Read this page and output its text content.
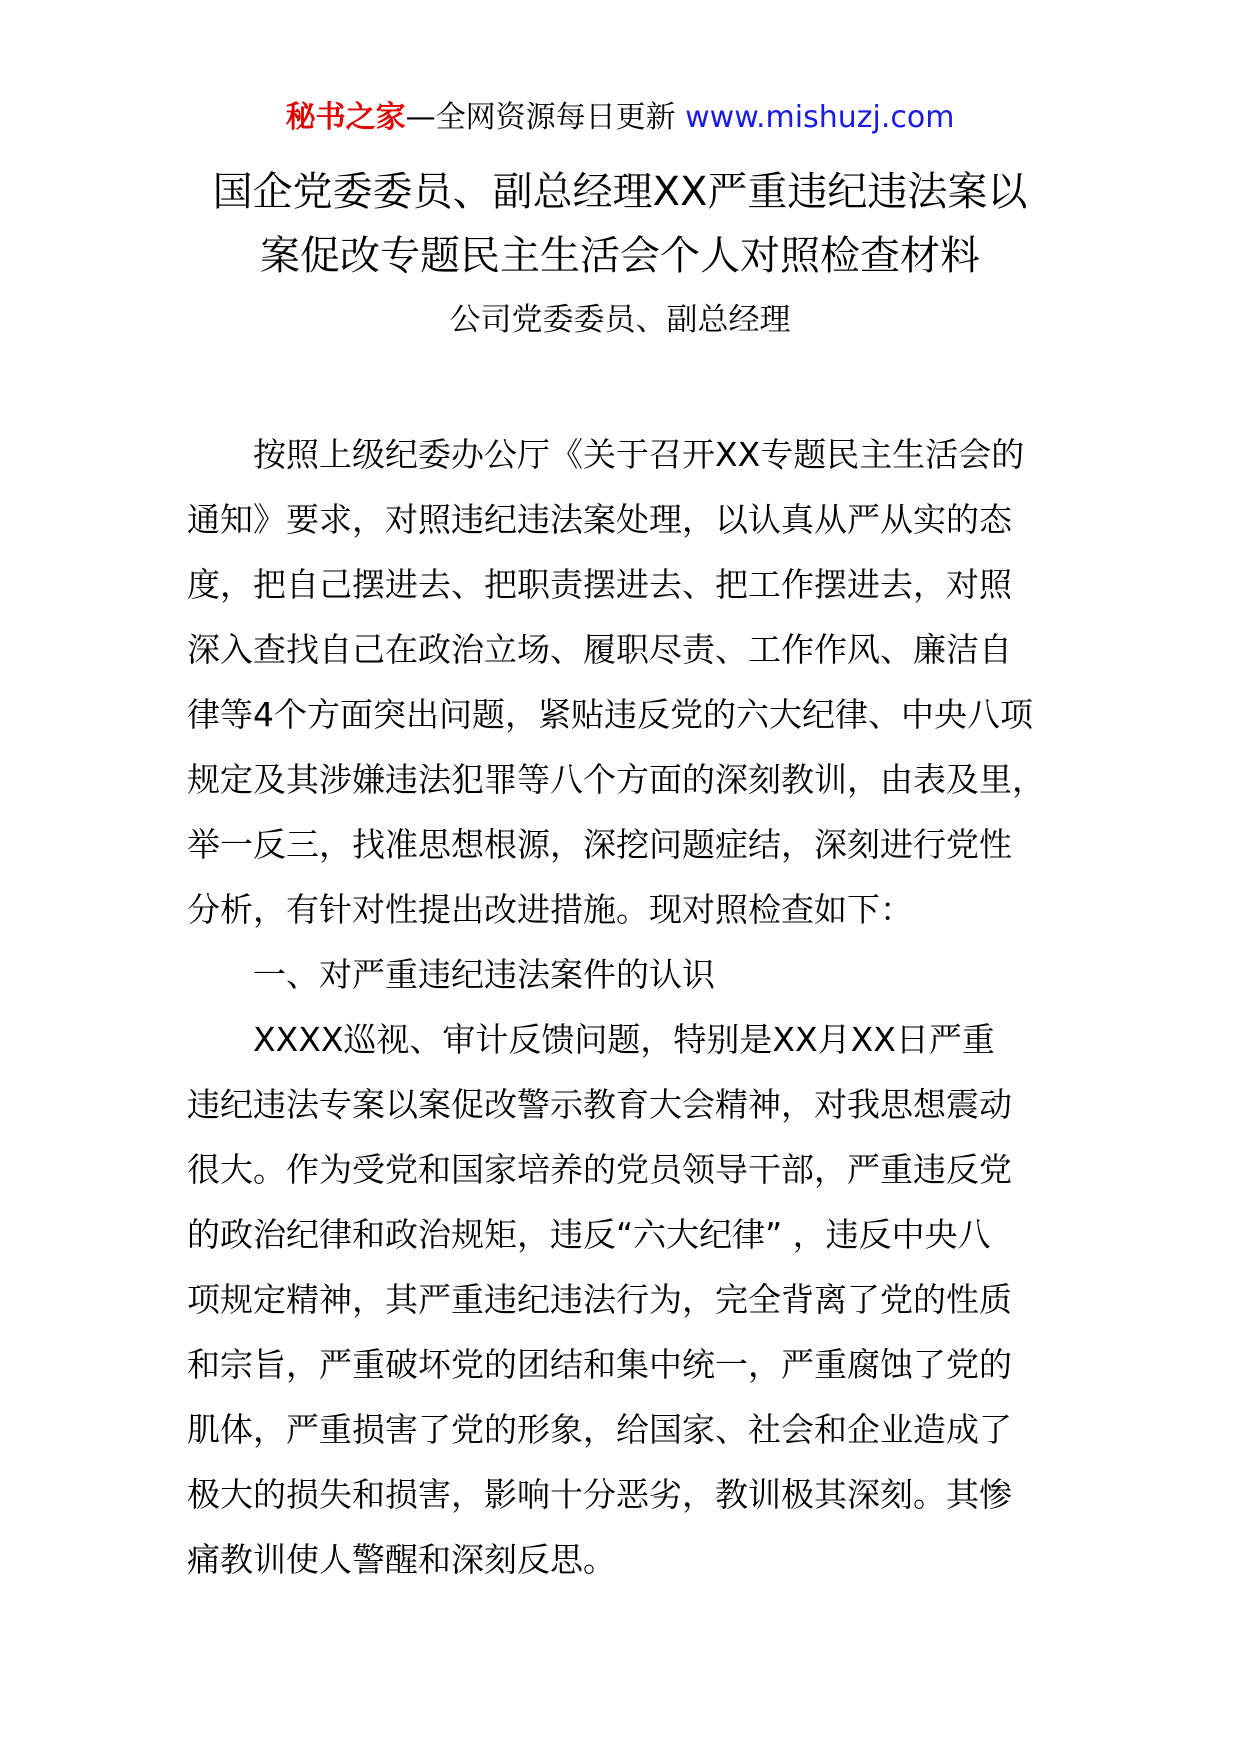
秘书之家—全网资源每日更新 www.mishuzj.com
国企党委委员、副总经理XX严重违纪违法案以
案促改专题民主生活会个人对照检查材料
公司党委委员、副总经理
按照上级纪委办公厅《关于召开XX专题民主生活会的
通知》要求，对照违纪违法案处理，以认真从严从实的态
度，把自己摆进去、把职责摆进去、把工作摆进去，对照
深入查找自己在政治立场、履职尽责、工作作风、廉洁自
律等4个方面突出问题，紧贴违反党的六大纪律、中央八项
规定及其涉嫌违法犯罪等八个方面的深刻教训，由表及里，
举一反三，找准思想根源，深挖问题症结，深刻进行党性
分析，有针对性提出改进措施。现对照检查如下：
一、对严重违纪违法案件的认识
XXXX巡视、审计反馈问题，特别是XX月XX日严重
违纪违法专案以案促改警示教育大会精神，对我思想震动
很大。作为受党和国家培养的党员领导干部，严重违反党
的政治纪律和政治规矩，违反“六大纪律” ，违反中央八
项规定精神，其严重违纪违法行为，完全背离了党的性质
和宗旨，严重破坏党的团结和集中统一，严重腐蚀了党的
肌体，严重损害了党的形象，给国家、社会和企业造成了
极大的损失和损害，影响十分恶劣，教训极其深刻。其惨
痛教训使人警醒和深刻反思。
